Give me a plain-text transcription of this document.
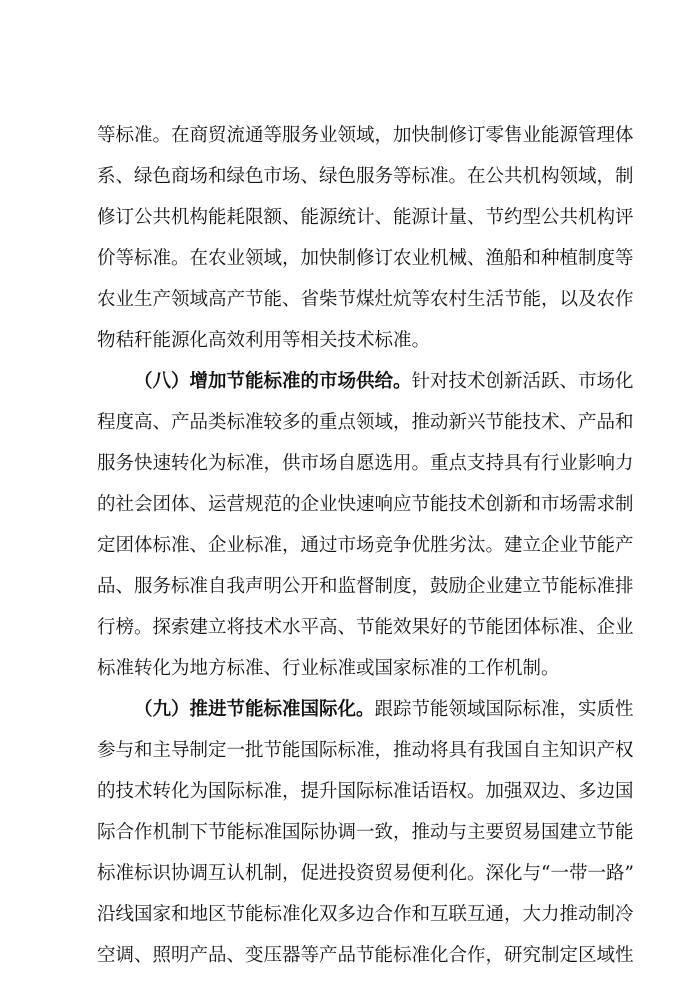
等标准。在商贸流通等服务业领域，加快制修订零售业能源管理体
系、绿色商场和绿色市场、绿色服务等标准。在公共机构领域，制
修订公共机构能耗限额、能源统计、能源计量、节约型公共机构评
价等标准。在农业领域，加快制修订农业机械、渔船和种植制度等
农业生产领域高产节能、省柴节煤灶炕等农村生活节能，以及农作
物秸秆能源化高效利用等相关技术标准。
（八）增加节能标准的市场供给。针对技术创新活跃、市场化
程度高、产品类标准较多的重点领域，推动新兴节能技术、产品和
服务快速转化为标准，供市场自愿选用。重点支持具有行业影响力
的社会团体、运营规范的企业快速响应节能技术创新和市场需求制
定团体标准、企业标准，通过市场竞争优胜劣汰。建立企业节能产
品、服务标准自我声明公开和监督制度，鼓励企业建立节能标准排
行榜。探索建立将技术水平高、节能效果好的节能团体标准、企业
标准转化为地方标准、行业标准或国家标准的工作机制。
（九）推进节能标准国际化。跟踪节能领域国际标准，实质性
参与和主导制定一批节能国际标准，推动将具有我国自主知识产权
的技术转化为国际标准，提升国际标准话语权。加强双边、多边国
际合作机制下节能标准国际协调一致，推动与主要贸易国建立节能
标准标识协调互认机制，促进投资贸易便利化。深化与“一带一路”
沿线国家和地区节能标准化双多边合作和互联互通，大力推动制冷
空调、照明产品、变压器等产品节能标准化合作，研究制定区域性
